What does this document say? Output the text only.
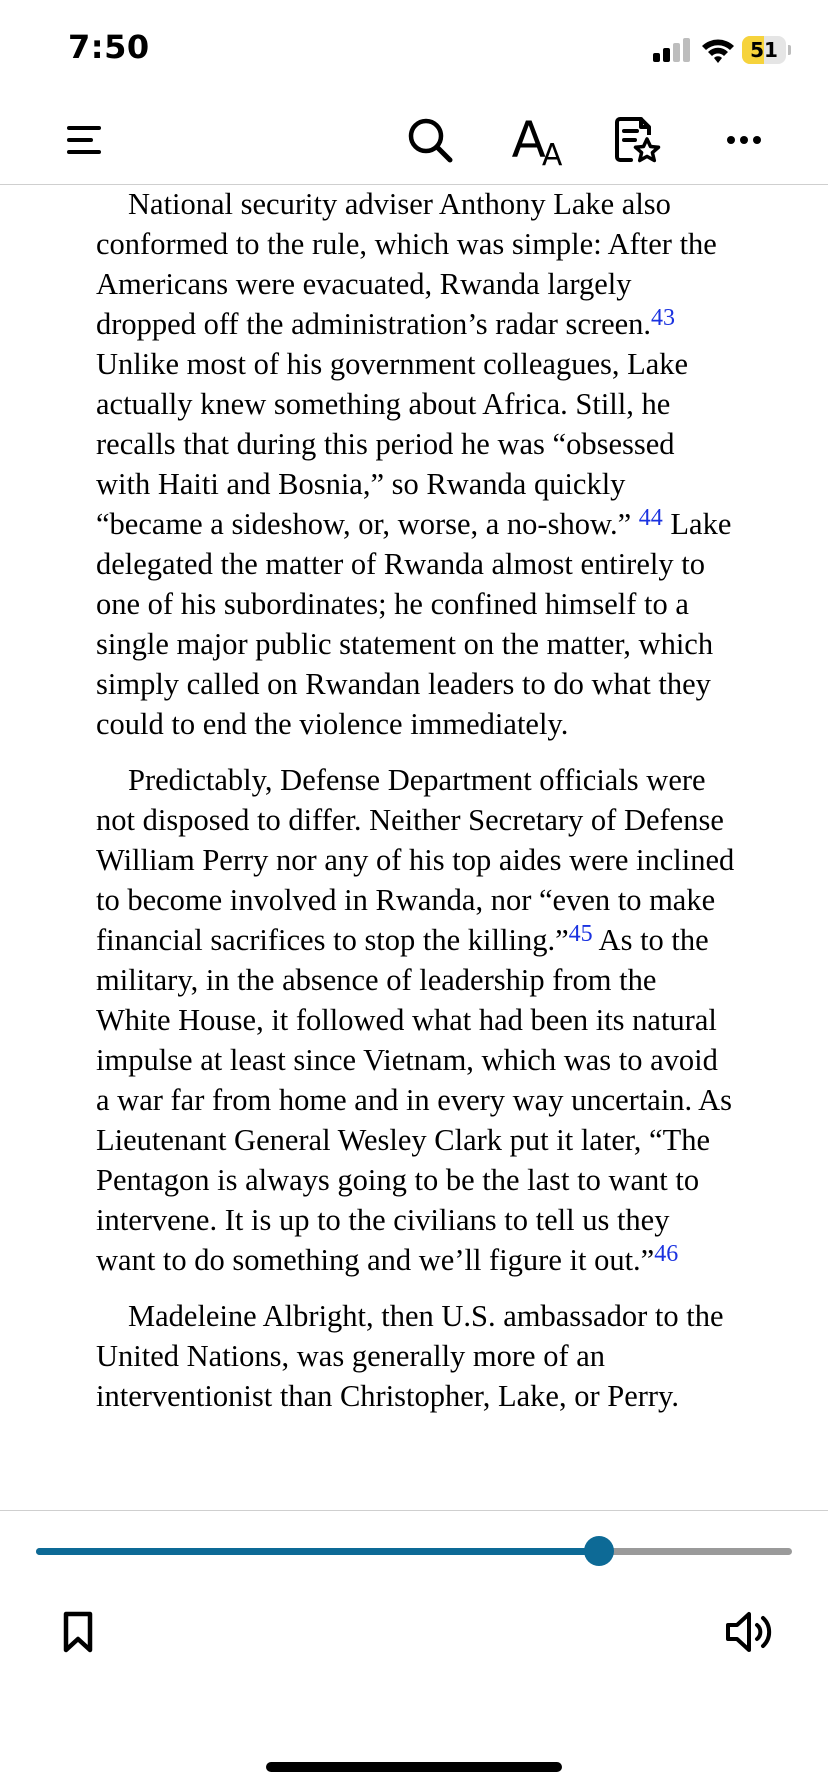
7:50	51
A A

National security adviser Anthony Lake also conformed to the rule, which was simple: After the Americans were evacuated, Rwanda largely dropped off the administration’s radar screen.$^{43}$ Unlike most of his government colleagues, Lake actually knew something about Africa. Still, he recalls that during this period he was “obsessed with Haiti and Bosnia,” so Rwanda quickly “became a sideshow, or, worse, a no-show.” $^{44}$ Lake delegated the matter of Rwanda almost entirely to one of his subordinates; he confined himself to a single major public statement on the matter, which simply called on Rwandan leaders to do what they could to end the violence immediately.

Predictably, Defense Department officials were not disposed to differ. Neither Secretary of Defense William Perry nor any of his top aides were inclined to become involved in Rwanda, nor “even to make financial sacrifices to stop the killing.”$^{45}$ As to the military, in the absence of leadership from the White House, it followed what had been its natural impulse at least since Vietnam, which was to avoid a war far from home and in every way uncertain. As Lieutenant General Wesley Clark put it later, “The Pentagon is always going to be the last to want to intervene. It is up to the civilians to tell us they want to do something and we’ll figure it out.”$^{46}$

Madeleine Albright, then U.S. ambassador to the United Nations, was generally more of an interventionist than Christopher, Lake, or Perry.
